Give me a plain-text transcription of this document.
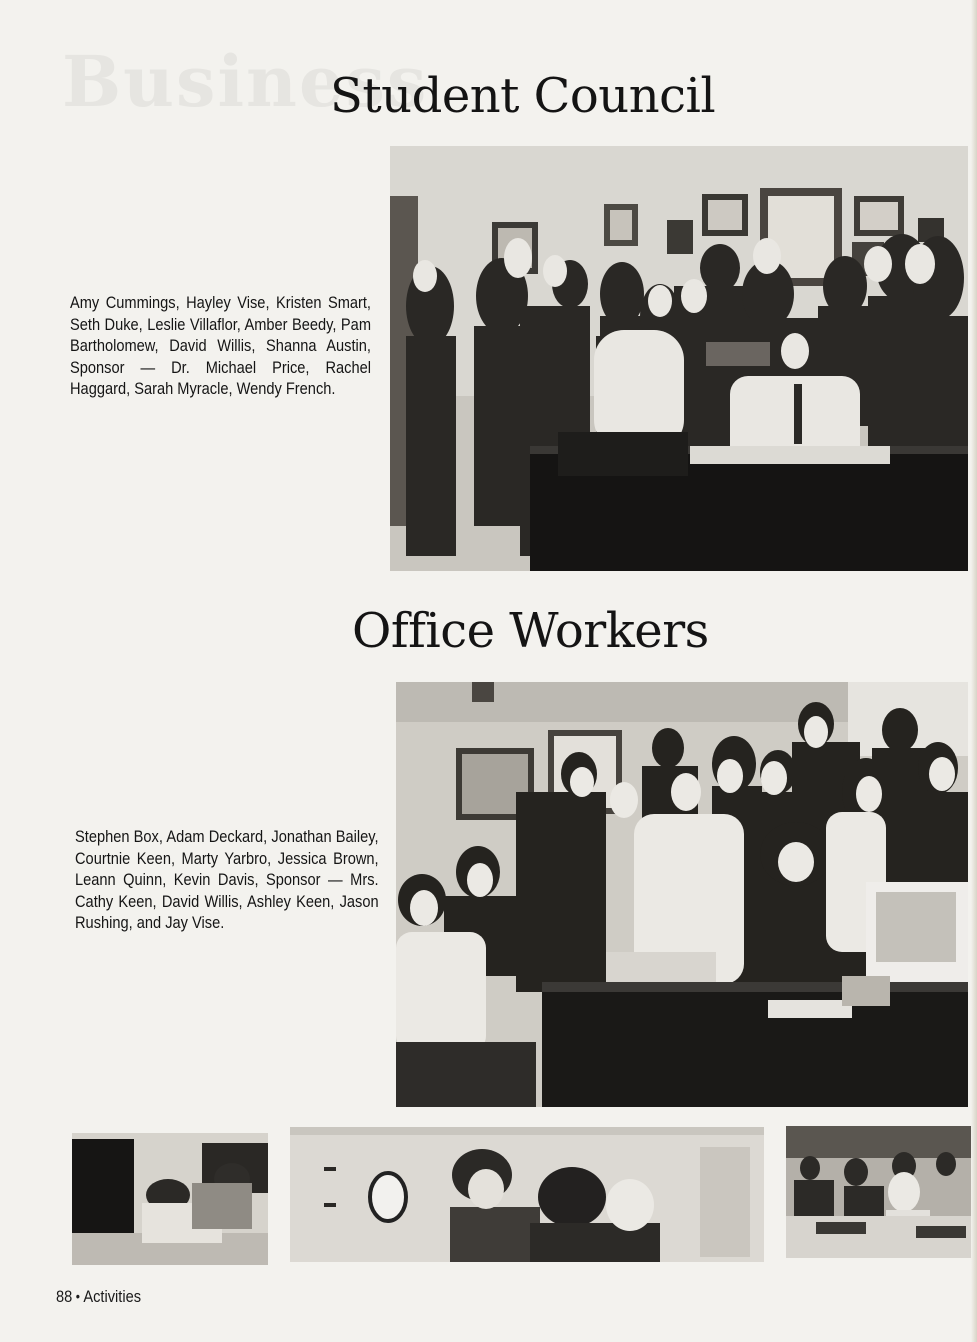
Business
Student Council
Amy Cummings, Hayley Vise, Kristen Smart, Seth Duke, Leslie Villaflor, Amber Beedy, Pam Bartholomew, David Willis, Shanna Austin, Sponsor — Dr. Michael Price, Rachel Haggard, Sarah Myracle, Wendy French.
Office Workers
Stephen Box, Adam Deckard, Jonathan Bailey, Courtnie Keen, Marty Yarbro, Jessica Brown, Leann Quinn, Kevin Davis, Sponsor — Mrs. Cathy Keen, David Willis, Ashley Keen, Jason Rushing, and Jay Vise.
88 • Activities
